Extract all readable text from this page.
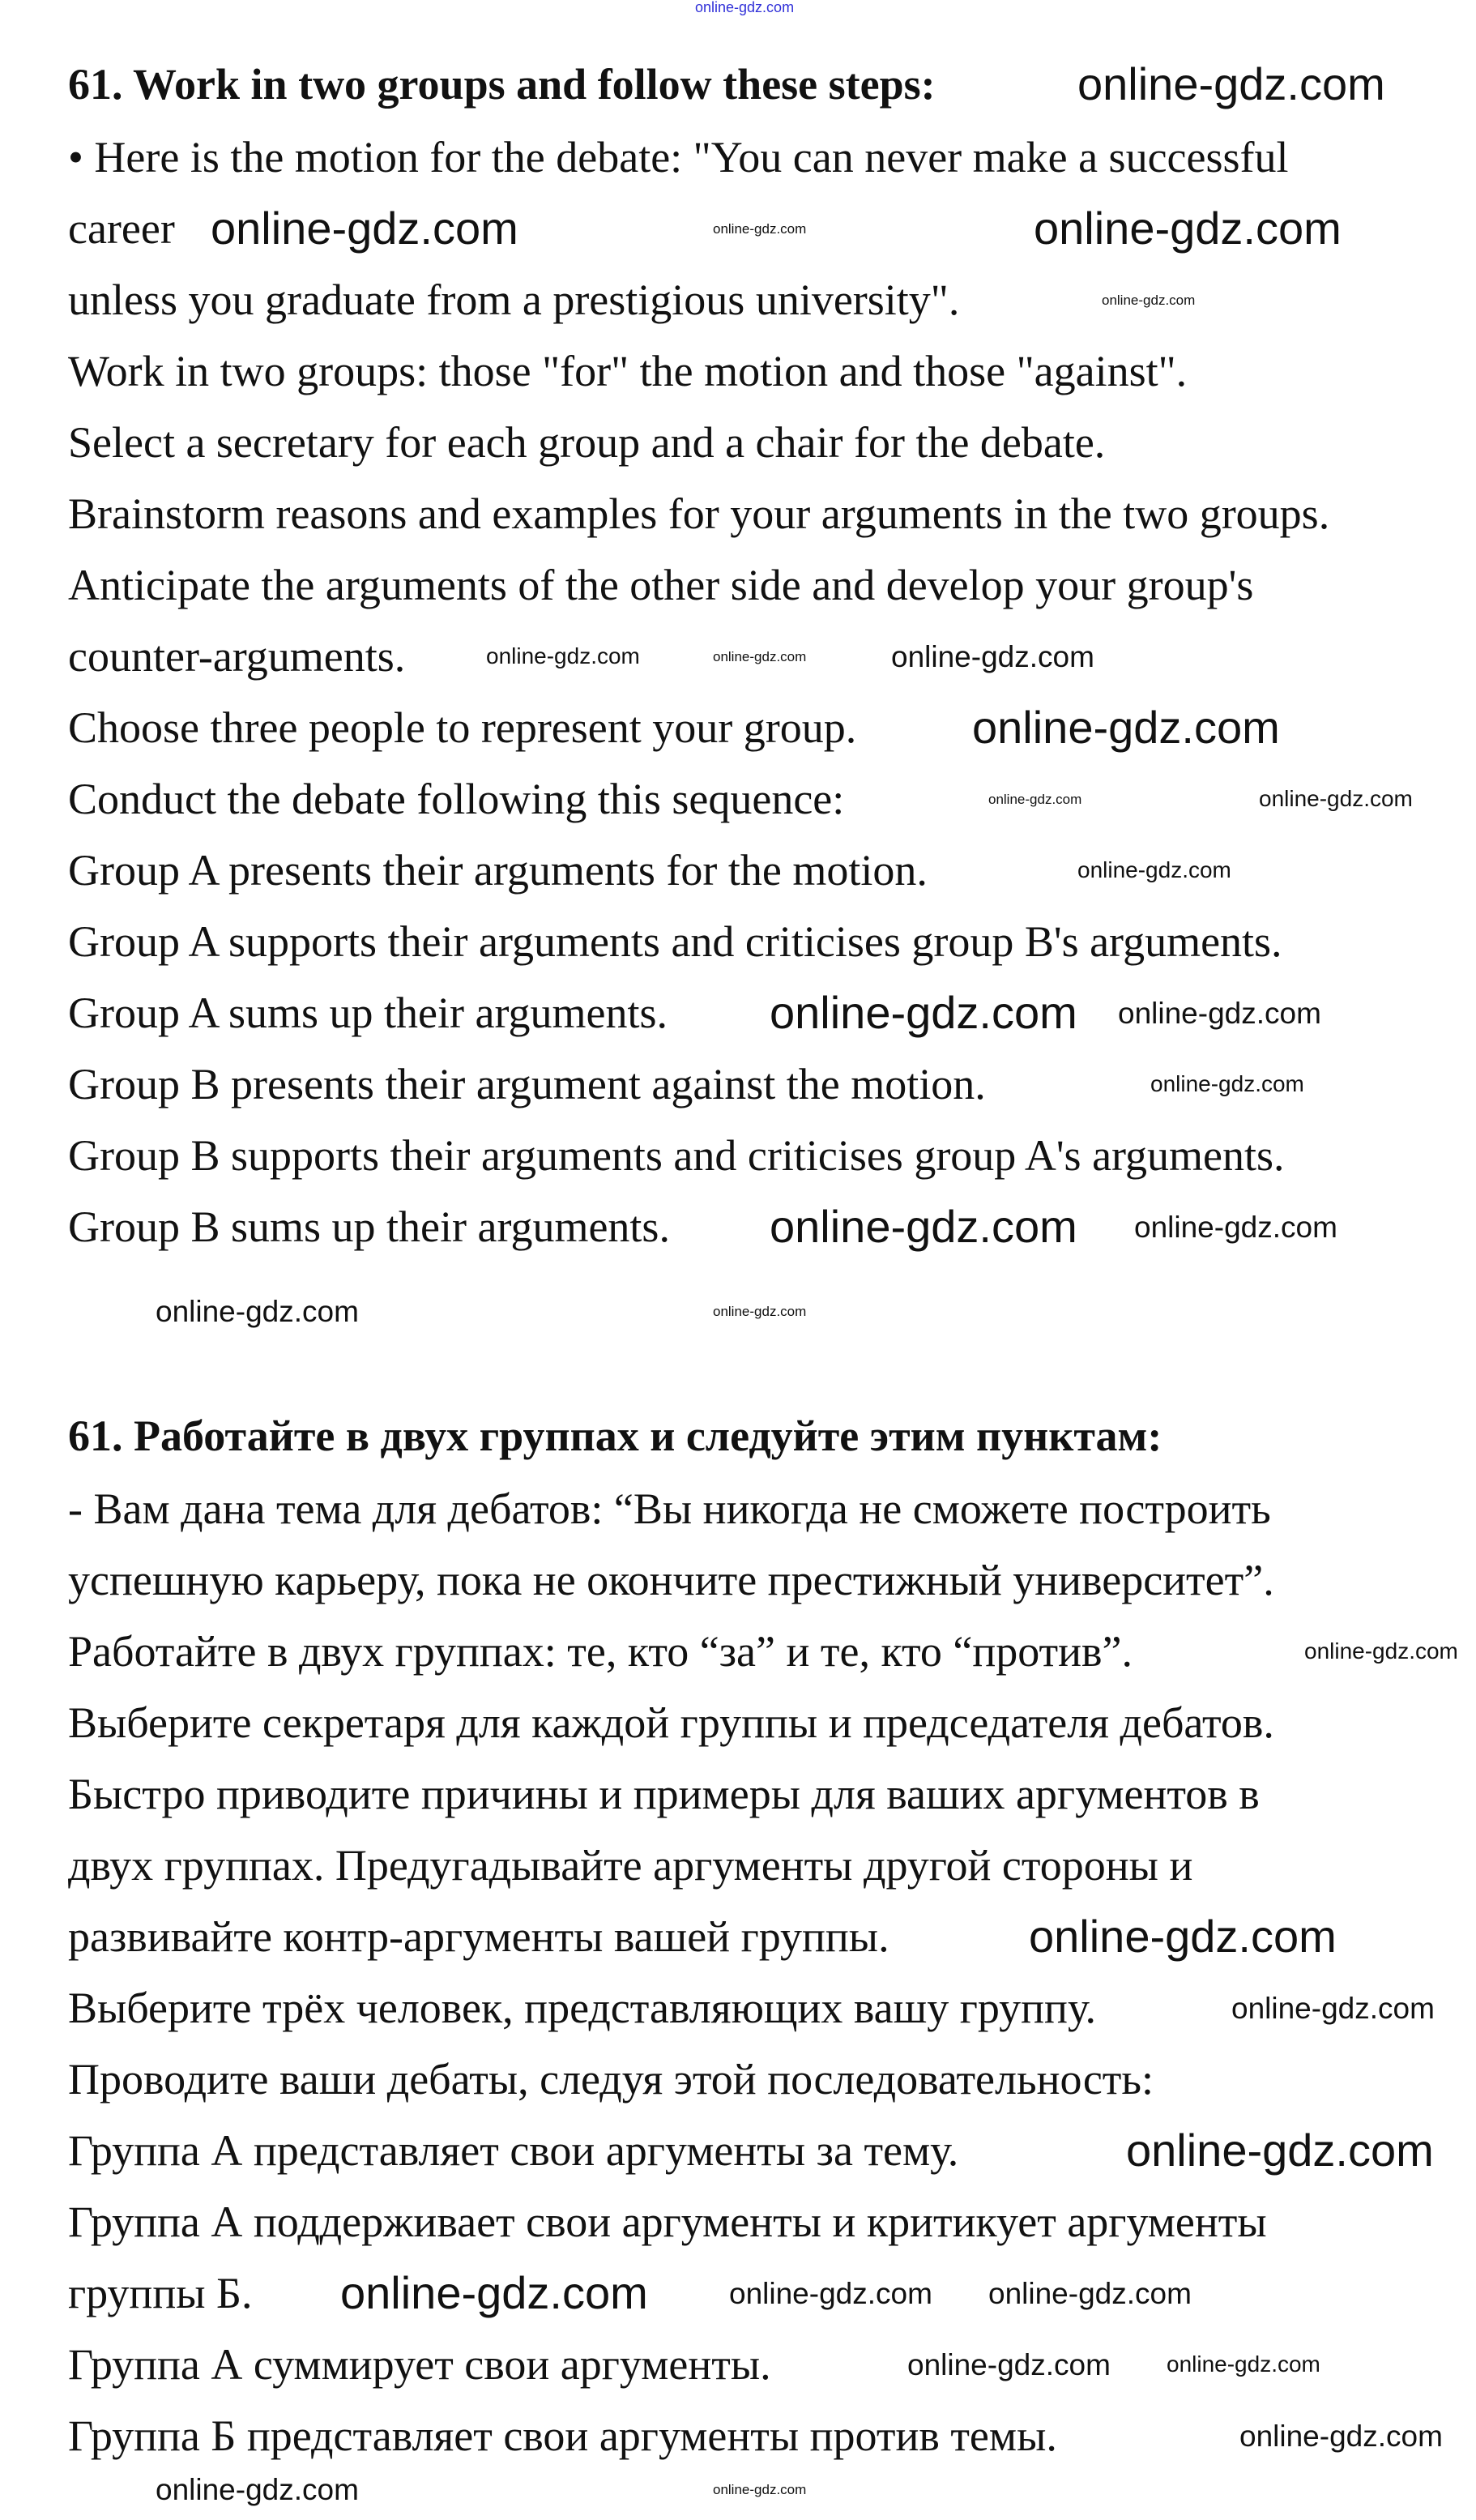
61. Work in two groups and follow these steps:
• Here is the motion for the debate: "You can never make a successful
career
unless you graduate from a prestigious university".
Work in two groups: those "for" the motion and those "against".
Select a secretary for each group and a chair for the debate.
Brainstorm reasons and examples for your arguments in the two groups.
Anticipate the arguments of the other side and develop your group's
counter-arguments.
Choose three people to represent your group.
Conduct the debate following this sequence:
Group A presents their arguments for the motion.
Group A supports their arguments and criticises group B's arguments.
Group A sums up their arguments.
Group B presents their argument against the motion.
Group B supports their arguments and criticises group A's arguments.
Group B sums up their arguments.
61. Работайте в двух группах и следуйте этим пунктам:
- Вам дана тема для дебатов: “Вы никогда не сможете построить
успешную карьеру, пока не окончите престижный университет”.
Работайте в двух группах: те, кто “за” и те, кто “против”.
Выберите секретаря для каждой группы и председателя дебатов.
Быстро приводите причины и примеры для ваших аргументов в
двух группах. Предугадывайте аргументы другой стороны и
развивайте контр-аргументы вашей группы.
Выберите трёх человек, представляющих вашу группу.
Проводите ваши дебаты, следуя этой последовательность:
Группа А представляет свои аргументы за тему.
Группа А поддерживает свои аргументы и критикует аргументы
группы Б.
Группа А суммирует свои аргументы.
Группа Б представляет свои аргументы против темы.
online-gdz.com
online-gdz.com
online-gdz.com	online-gdz.com	online-gdz.com
online-gdz.com
online-gdz.com	online-gdz.com	online-gdz.com
online-gdz.com
online-gdz.com	online-gdz.com
online-gdz.com
online-gdz.com online-gdz.com
online-gdz.com
online-gdz.com online-gdz.com
online-gdz.com	online-gdz.com
online-gdz.com
online-gdz.com
online-gdz.com
online-gdz.com
online-gdz.com	online-gdz.com online-gdz.com
online-gdz.com online-gdz.com
online-gdz.com
online-gdz.com	online-gdz.com
